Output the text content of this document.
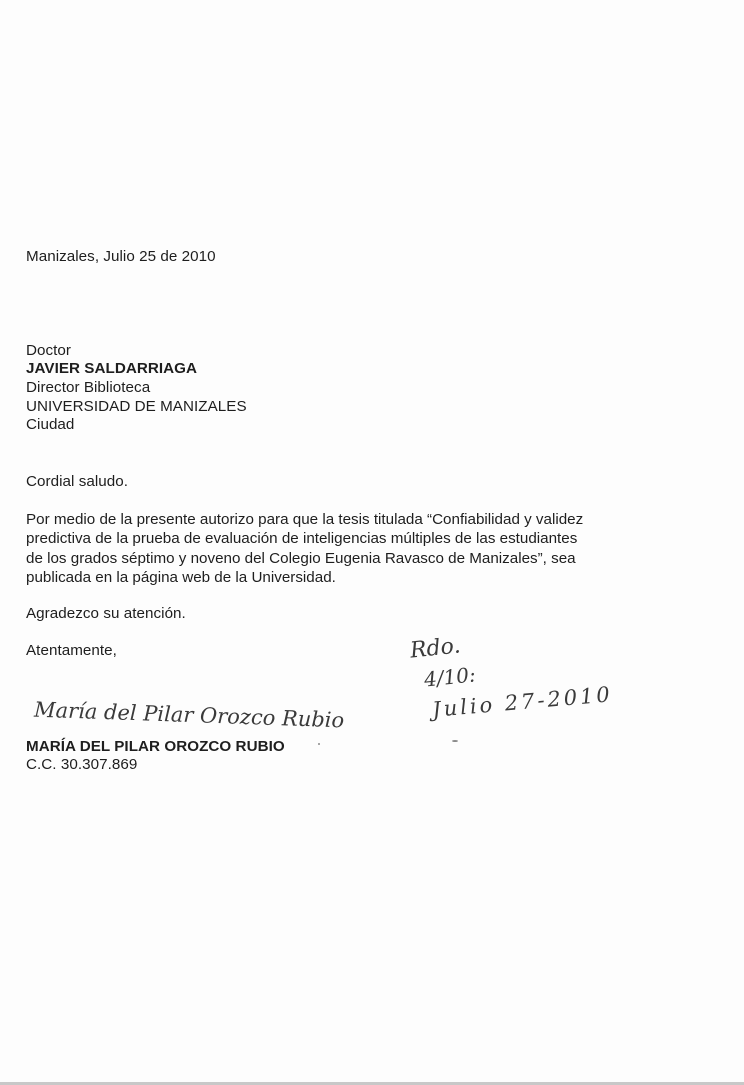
Manizales, Julio 25 de 2010
Doctor
JAVIER SALDARRIAGA
Director Biblioteca
UNIVERSIDAD DE MANIZALES
Ciudad
Cordial saludo.
Por medio de la presente autorizo para que la tesis titulada “Confiabilidad y validez
predictiva de la prueba de evaluación de inteligencias múltiples de las estudiantes
de los grados séptimo y noveno del Colegio Eugenia Ravasco de Manizales”, sea
publicada en la página web de la Universidad.
Agradezco su atención.
Atentamente,
María del Pilar Orozco Rubio
MARÍA DEL PILAR OROZCO RUBIO
C.C. 30.307.869
Rdo.
4/10:
Julio 27-2010
